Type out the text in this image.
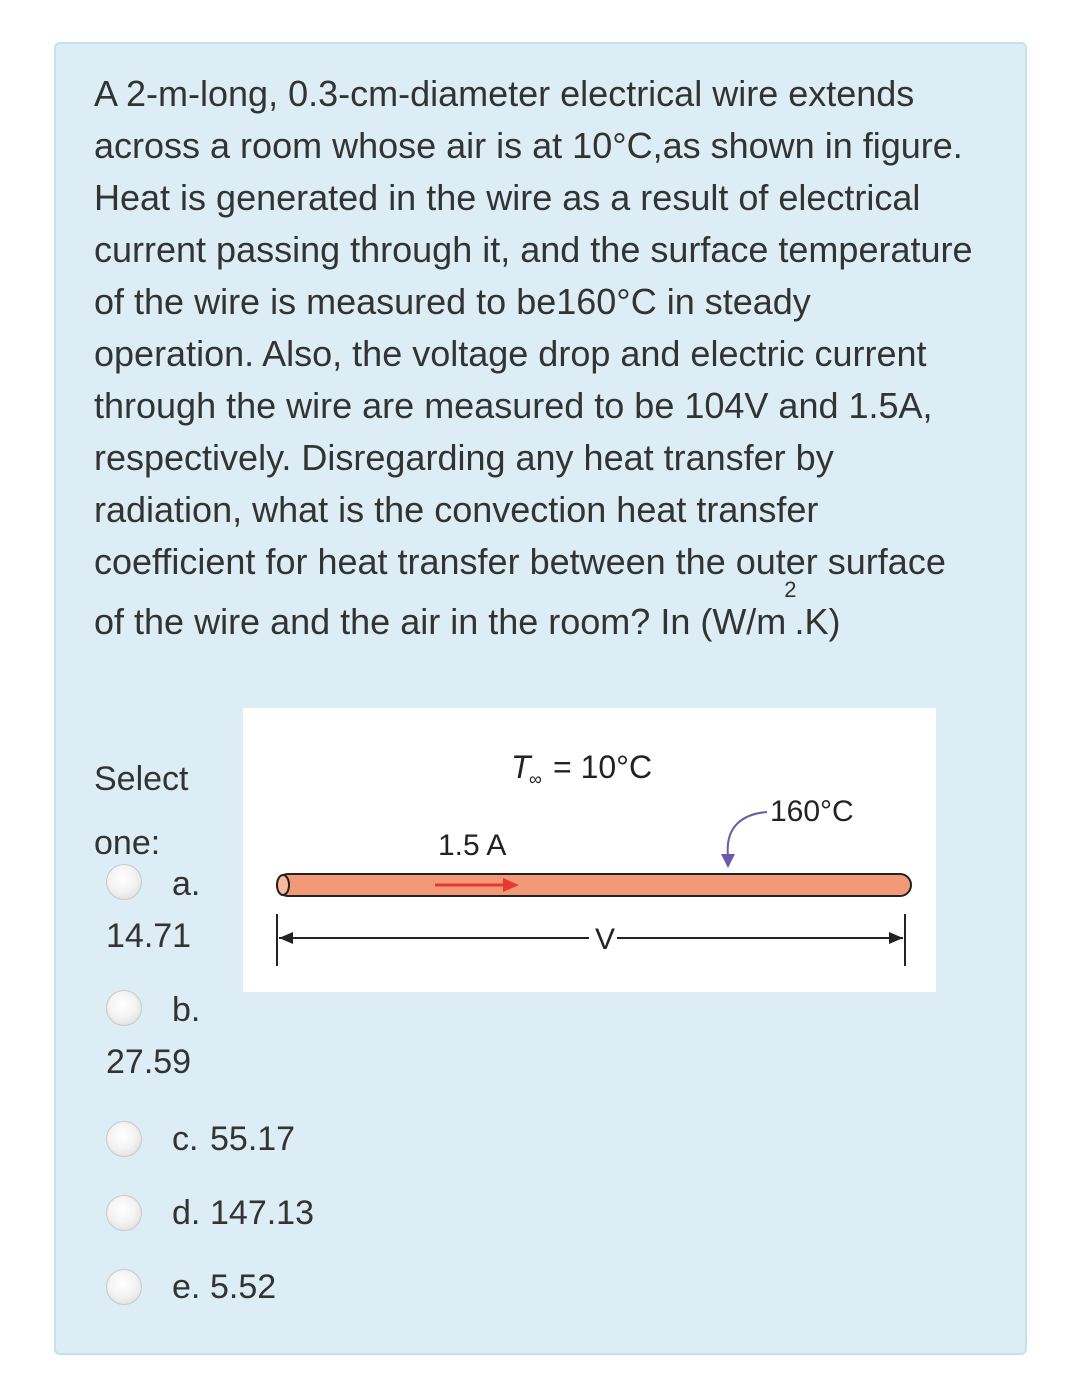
A 2-m-long, 0.3-cm-diameter electrical wire extends across a room whose air is at 10°C,as shown in figure. Heat is generated in the wire as a result of electrical current passing through it, and the surface temperature of the wire is measured to be160°C in steady operation. Also, the voltage drop and electric current through the wire are measured to be 104V and 1.5A, respectively. Disregarding any heat transfer by radiation, what is the convection heat transfer coefficient for heat transfer between the outer surface of the wire and the air in the room? In $(W/m^2.K)$

Select one:
T
∞ = 10°C
160°C
1.5 A
V
a.
14.71
b.
27.59
c. 55.17
d. 147.13
e. 5.52
